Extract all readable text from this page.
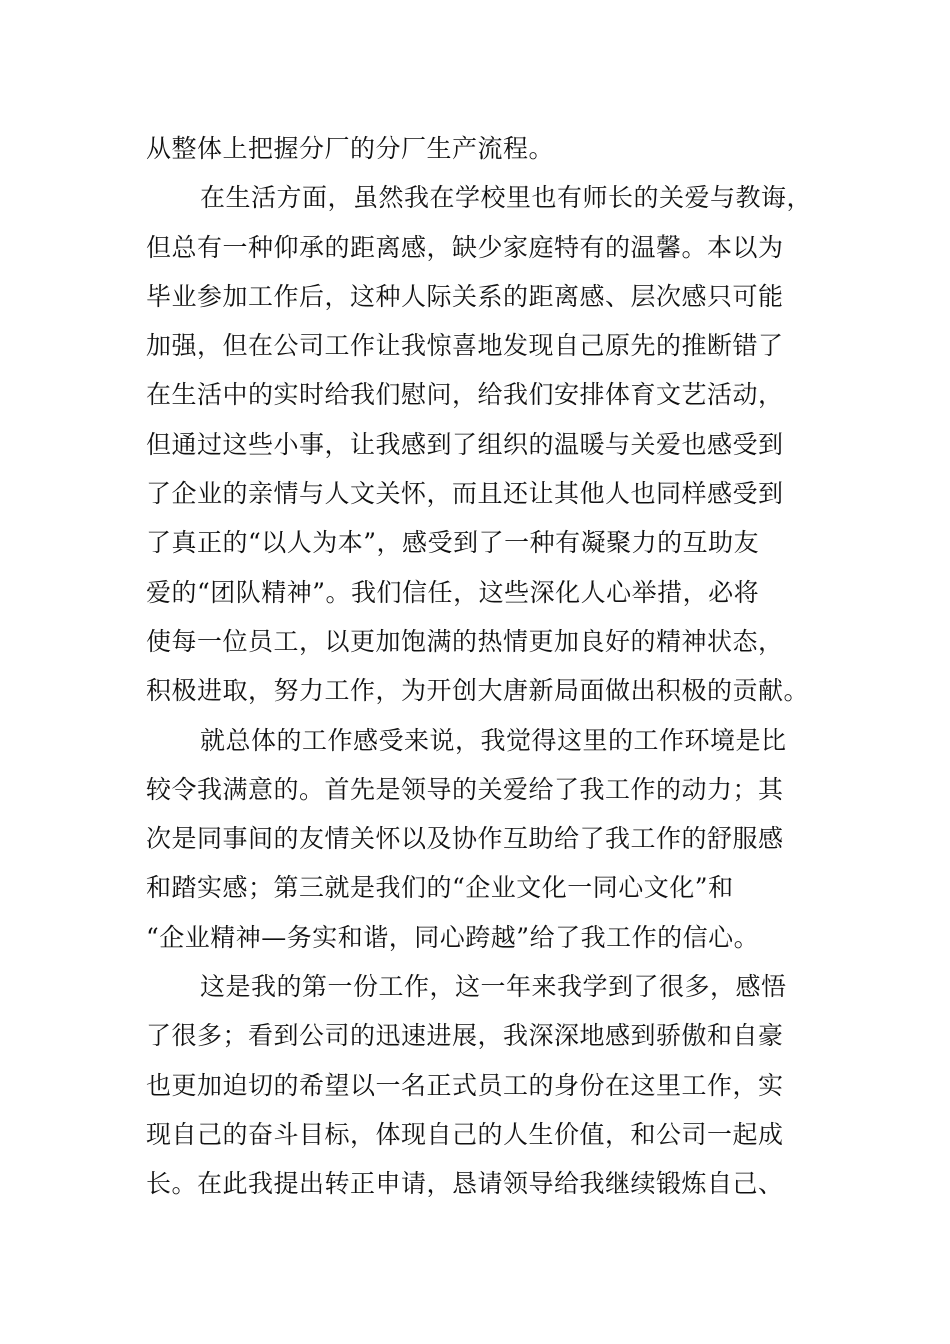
从整体上把握分厂的分厂生产流程。
在生活方面，虽然我在学校里也有师长的关爱与教诲，
但总有一种仰承的距离感，缺少家庭特有的温馨。本以为
毕业参加工作后，这种人际关系的距离感、层次感只可能
加强，但在公司工作让我惊喜地发现自己原先的推断错了
在生活中的实时给我们慰问，给我们安排体育文艺活动，
但通过这些小事，让我感到了组织的温暖与关爱也感受到
了企业的亲情与人文关怀，而且还让其他人也同样感受到
了真正的“以人为本”，感受到了一种有凝聚力的互助友
爱的“团队精神”。我们信任，这些深化人心举措，必将
使每一位员工，以更加饱满的热情更加良好的精神状态，
积极进取，努力工作，为开创大唐新局面做出积极的贡献。
就总体的工作感受来说，我觉得这里的工作环境是比
较令我满意的。首先是领导的关爱给了我工作的动力；其
次是同事间的友情关怀以及协作互助给了我工作的舒服感
和踏实感；第三就是我们的“企业文化一同心文化”和
“企业精神—务实和谐，同心跨越”给了我工作的信心。
这是我的第一份工作，这一年来我学到了很多，感悟
了很多；看到公司的迅速进展，我深深地感到骄傲和自豪
也更加迫切的希望以一名正式员工的身份在这里工作，实
现自己的奋斗目标，体现自己的人生价值，和公司一起成
长。在此我提出转正申请，恳请领导给我继续锻炼自己、
